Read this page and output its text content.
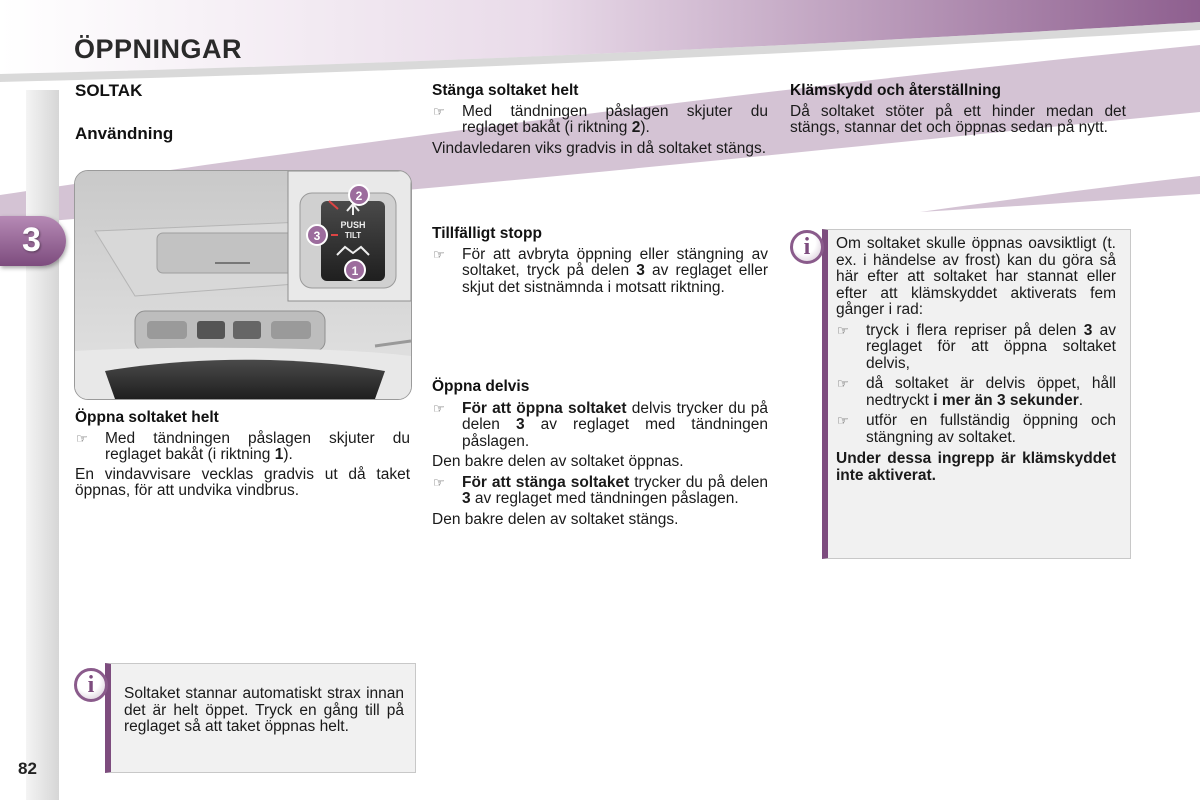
ÖPPNINGAR
3
82
SOLTAK
Användning
PUSH
TILT
2
3
1
Öppna soltaket helt
☞	Med tändningen påslagen skjuter du reglaget bakåt (i riktning 1).

En vindavvisare vecklas gradvis ut då taket öppnas, för att undvika vindbrus.

Soltaket stannar automatiskt strax innan det är helt öppet. Tryck en gång till på reglaget så att taket öppnas helt.
i
Stänga soltaket helt
☞	Med tändningen påslagen skjuter du reglaget bakåt (i riktning 2).

Vindavledaren viks gradvis in då soltaket stängs.

Tillfälligt stopp
☞	För att avbryta öppning eller stängning av soltaket, tryck på delen 3 av reglaget eller skjut det sistnämnda i motsatt riktning.
Öppna delvis
☞	För att öppna soltaket delvis trycker du på delen 3 av reglaget med tändningen påslagen.

Den bakre delen av soltaket öppnas.

☞	För att stänga soltaket trycker du på delen 3 av reglaget med tändningen påslagen.

Den bakre delen av soltaket stängs.

Klämskydd och återställning

Då soltaket stöter på ett hinder medan det stängs, stannar det och öppnas sedan på nytt.

Om soltaket skulle öppnas oavsiktligt (t. ex. i händelse av frost) kan du göra så här efter att soltaket har stannat eller efter att klämskyddet aktiverats fem gånger i rad:

☞	tryck i flera repriser på delen 3 av reglaget för att öppna soltaket delvis,
☞	då soltaket är delvis öppet, håll nedtryckt i mer än 3 sekunder.
☞	utför en fullständig öppning och stängning av soltaket.

Under dessa ingrepp är klämskyddet inte aktiverat.

i
